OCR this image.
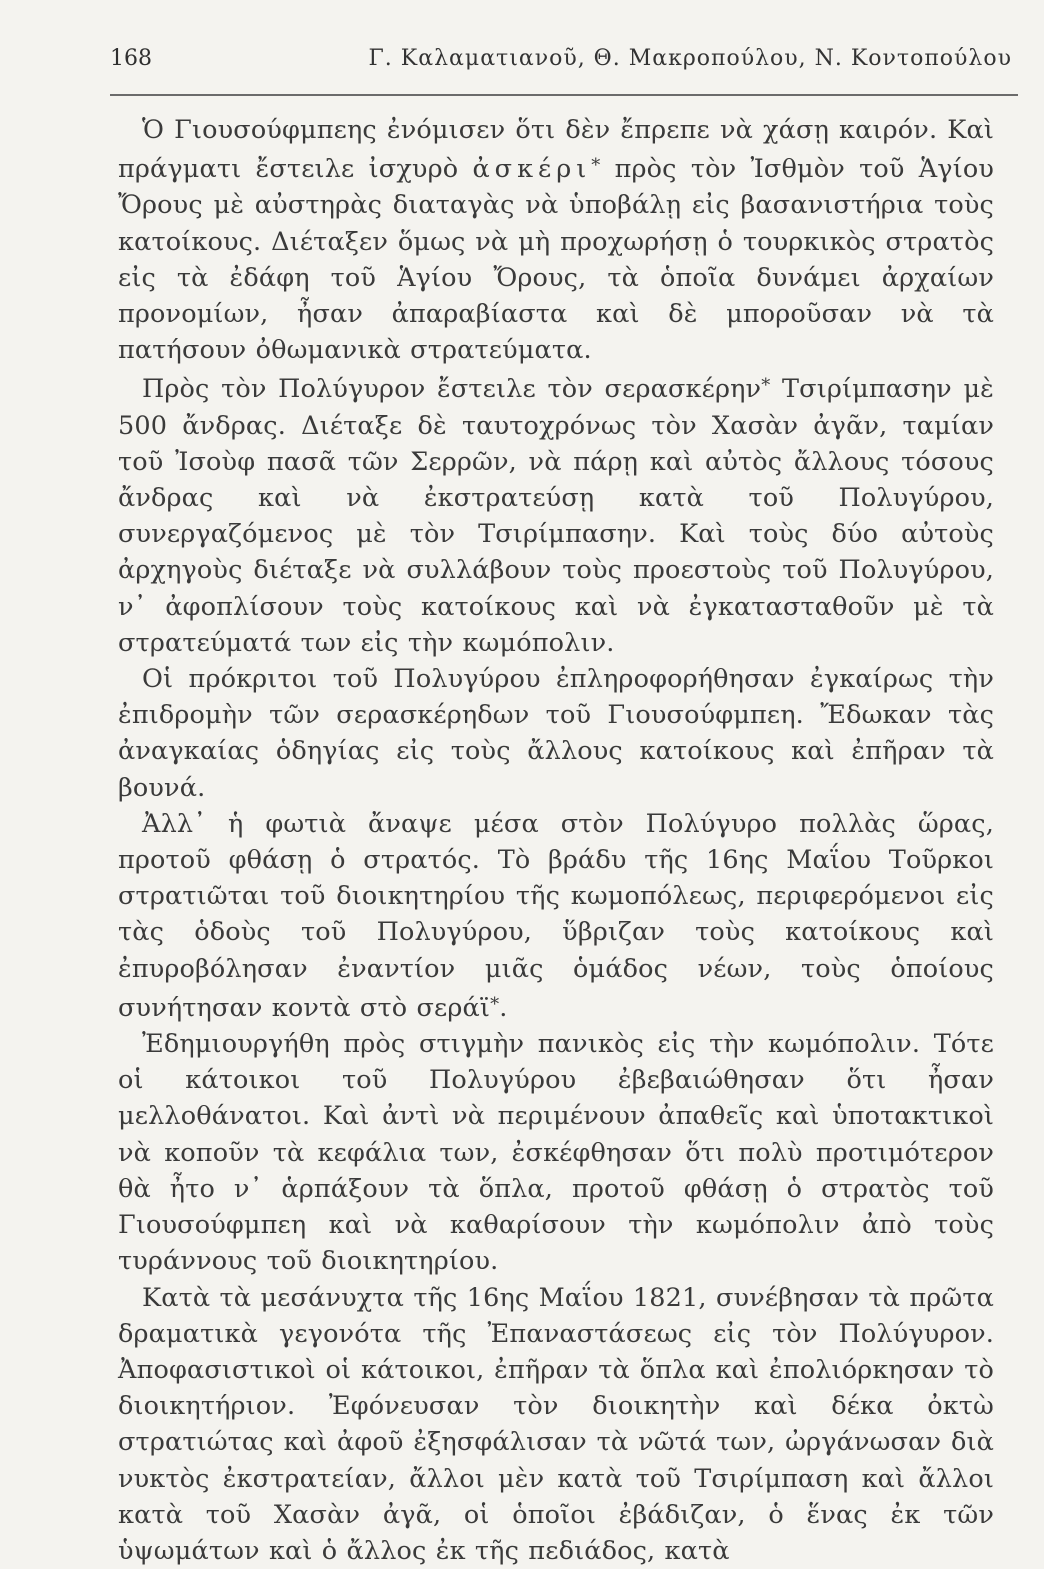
168	Γ. Καλαματιανοῦ, Θ. Μακροπούλου, Ν. Κοντοπούλου

Ὁ Γιουσούφμπεης ἐνόμισεν ὅτι δὲν ἔπρεπε νὰ χάσῃ καιρόν. Καὶ πράγματι ἔστειλε ἰσχυρὸ ἀσκέρι* πρὸς τὸν Ἰσθμὸν τοῦ Ἁγίου Ὄρους μὲ αὐστηρὰς διαταγὰς νὰ ὑποβάλῃ εἰς βασανιστήρια τοὺς κατοίκους. Διέταξεν ὅμως νὰ μὴ προχωρήσῃ ὁ τουρκικὸς στρατὸς εἰς τὰ ἐδάφη τοῦ Ἁγίου Ὄρους, τὰ ὁποῖα δυνάμει ἀρχαίων προνομίων, ἦσαν ἀπαραβίαστα καὶ δὲ μποροῦσαν νὰ τὰ πατήσουν ὀθωμανικὰ στρατεύματα.

Πρὸς τὸν Πολύγυρον ἔστειλε τὸν σερασκέρην* Τσιρίμπασην μὲ 500 ἄνδρας. Διέταξε δὲ ταυτοχρόνως τὸν Χασὰν ἀγᾶν, ταμίαν τοῦ Ἰσοὺφ πασᾶ τῶν Σερρῶν, νὰ πάρῃ καὶ αὐτὸς ἄλλους τόσους ἄνδρας καὶ νὰ ἐκστρατεύσῃ κατὰ τοῦ Πολυγύρου, συνεργαζόμενος μὲ τὸν Τσιρίμπασην. Καὶ τοὺς δύο αὐτοὺς ἀρχηγοὺς διέταξε νὰ συλλάβουν τοὺς προεστοὺς τοῦ Πολυγύρου, ν᾿ ἀφοπλίσουν τοὺς κατοίκους καὶ νὰ ἐγκατασταθοῦν μὲ τὰ στρατεύματά των εἰς τὴν κωμόπολιν.

Οἱ πρόκριτοι τοῦ Πολυγύρου ἐπληροφορήθησαν ἐγκαίρως τὴν ἐπιδρομὴν τῶν σερασκέρηδων τοῦ Γιουσούφμπεη. Ἔδωκαν τὰς ἀναγκαίας ὁδηγίας εἰς τοὺς ἄλλους κατοίκους καὶ ἐπῆραν τὰ βουνά.

Ἀλλ᾿ ἡ φωτιὰ ἄναψε μέσα στὸν Πολύγυρο πολλὰς ὥρας, προτοῦ φθάσῃ ὁ στρατός. Τὸ βράδυ τῆς 16ης Μαΐου Τοῦρκοι στρατιῶται τοῦ διοικητηρίου τῆς κωμοπόλεως, περιφερόμενοι εἰς τὰς ὁδοὺς τοῦ Πολυγύρου, ὕβριζαν τοὺς κατοίκους καὶ ἐπυροβόλησαν ἐναντίον μιᾶς ὁμάδος νέων, τοὺς ὁποίους συνήτησαν κοντὰ στὸ σεράϊ*.

Ἐδημιουργήθη πρὸς στιγμὴν πανικὸς εἰς τὴν κωμόπολιν. Τότε οἱ κάτοικοι τοῦ Πολυγύρου ἐβεβαιώθησαν ὅτι ἦσαν μελλοθάνατοι. Καὶ ἀντὶ νὰ περιμένουν ἀπαθεῖς καὶ ὑποτακτικοὶ νὰ κοποῦν τὰ κεφάλια των, ἐσκέφθησαν ὅτι πολὺ προτιμότερον θὰ ἦτο ν᾿ ἁρπάξουν τὰ ὅπλα, προτοῦ φθάσῃ ὁ στρατὸς τοῦ Γιουσούφμπεη καὶ νὰ καθαρίσουν τὴν κωμόπολιν ἀπὸ τοὺς τυράννους τοῦ διοικητηρίου.

Κατὰ τὰ μεσάνυχτα τῆς 16ης Μαΐου 1821, συνέβησαν τὰ πρῶτα δραματικὰ γεγονότα τῆς Ἐπαναστάσεως εἰς τὸν Πολύγυρον. Ἀποφασιστικοὶ οἱ κάτοικοι, ἐπῆραν τὰ ὅπλα καὶ ἐπολιόρκησαν τὸ διοικητήριον. Ἐφόνευσαν τὸν διοικητὴν καὶ δέκα ὀκτὼ στρατιώτας καὶ ἀφοῦ ἐξησφάλισαν τὰ νῶτά των, ὠργάνωσαν διὰ νυκτὸς ἐκστρατείαν, ἄλλοι μὲν κατὰ τοῦ Τσιρίμπαση καὶ ἄλλοι κατὰ τοῦ Χασὰν ἀγᾶ, οἱ ὁποῖοι ἐβάδιζαν, ὁ ἕνας ἐκ τῶν ὑψωμάτων καὶ ὁ ἄλλος ἐκ τῆς πεδιάδος, κατὰ
